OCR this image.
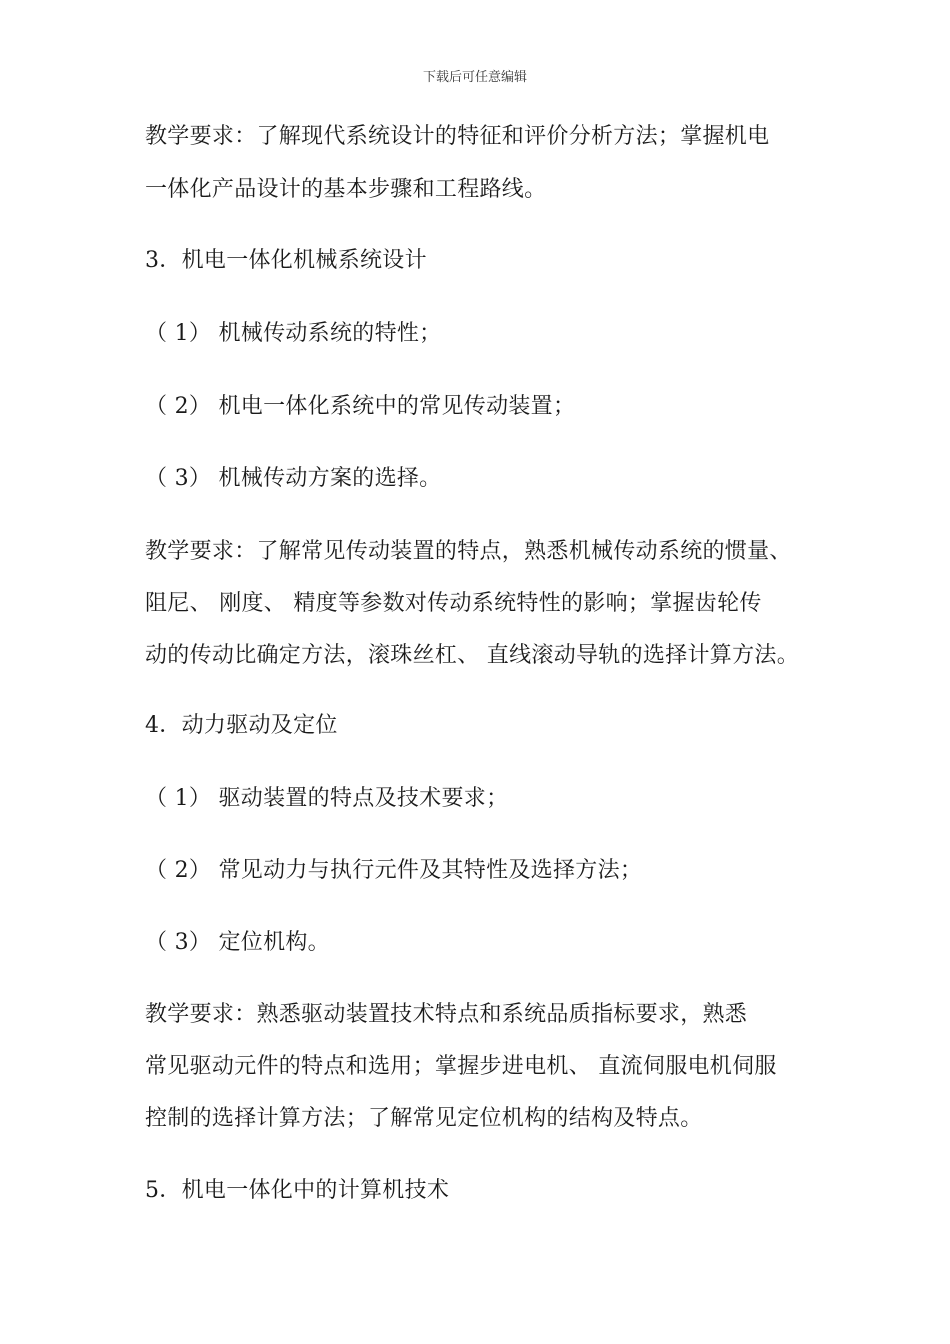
下载后可任意编辑
教学要求：了解现代系统设计的特征和评价分析方法；掌握机电
一体化产品设计的基本步骤和工程路线。
3．机电一体化机械系统设计
（ 1） 机械传动系统的特性；
（ 2） 机电一体化系统中的常见传动装置；
（ 3） 机械传动方案的选择。
教学要求：了解常见传动装置的特点，熟悉机械传动系统的惯量、
阻尼、 刚度、 精度等参数对传动系统特性的影响；掌握齿轮传
动的传动比确定方法，滚珠丝杠、 直线滚动导轨的选择计算方法。
4．动力驱动及定位
（ 1） 驱动装置的特点及技术要求；
（ 2） 常见动力与执行元件及其特性及选择方法；
（ 3） 定位机构。
教学要求：熟悉驱动装置技术特点和系统品质指标要求，熟悉
常见驱动元件的特点和选用；掌握步进电机、 直流伺服电机伺服
控制的选择计算方法；了解常见定位机构的结构及特点。
5．机电一体化中的计算机技术
